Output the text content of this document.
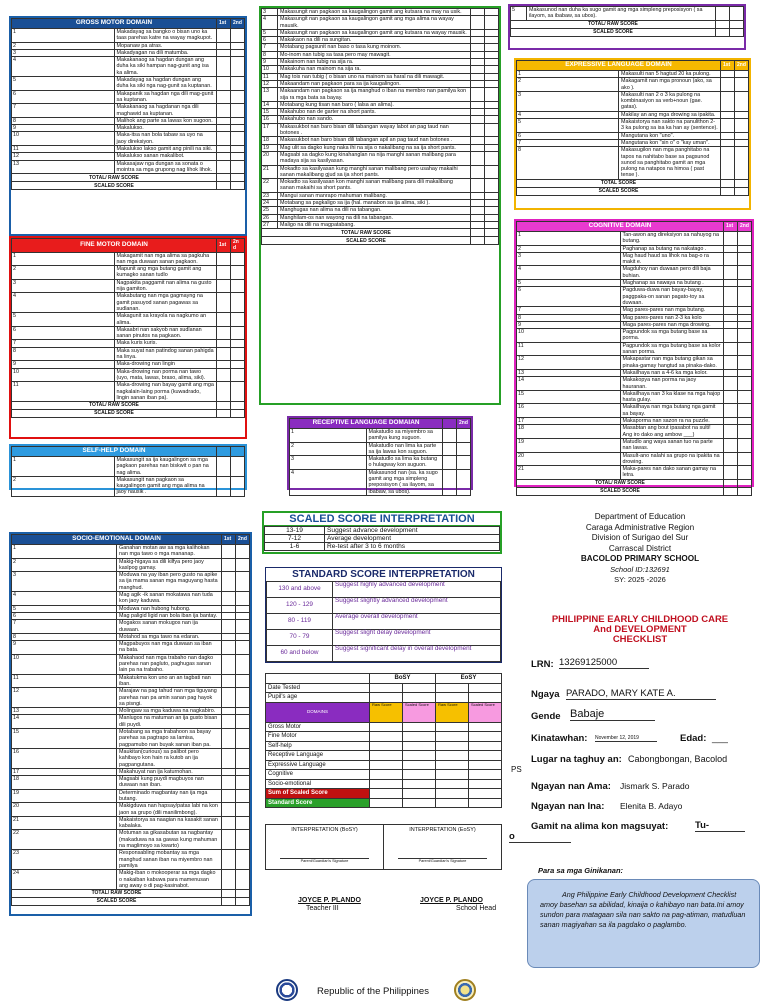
GROSS MOTOR DOMAIN		1st	2nd
1	Makadayag sa bangko o bisan uno ka taas parehas katre na wayay magkupot.		
2	Mopanaw pa atras.		
3	Makadyagan na dili matumba.		
4	Makakanaog sa hagdan dungan ang duha ka siki hampan nag-gunit ang isa ka alima.		
5	Makadayag sa hagdan dungan ang duha ka siki nga nag-gunit sa kuptanan.		
6	Makapanik sa hagdan nga dili mag-gunit sa kuptanan.		
7	Makakanaog sa hagdanan nga dili maghawid sa kuptanan.		
8	Malihok ang parte sa lawas kon sugoon.		
9	Makalukso.		
10	Maka-itsa nan bola tabaw sa uyo na jaoy direksiyon.		
11	Makalukso lakso gamit ang pinili na siki.		
12	Makalukso sanan makalibot.		
13	Makasajaw nga dungan sa sonata o mointra sa mga grupong nag lihok lihok.		
TOTAL/ RAW SCORE			
SCALED SCORE			
FINE MOTOR DOMAIN		1st	2n d
1	Makagamit nan mga alima sa pagkuha nan mga duwaan sanan pagkaon.		
2	Mapunit ang mga butang gamit ang kumagko sanan tudlo		
3	Nagpakita paggamit nan alima na gusto nija gamiton.		
4	Makabutang nan mga gagmayng na gamit pasuyod sanan pagawas sa sudlanan.		
5	Makagunit sa krayola na nagkumo an alima.		
6	Makaabri nan sakyob nan sudlanan sanan pinutos na pagkaon.		
7	Maka kuris kuris.		
8	Maka suyat nan patindog sanan pahigda na linya.		
9	Maka-drowing nan lingin		
10	Maka-drowing nan porma nan tawo (uyo, mata, lawas, braso, alima, siki).		
11	Maka-drowing nan bayay gamit ang mga nagkalain-laing porma (kuwadrado, lingin sanan iban pa).		
TOTAL/ RAW SCORE			
SCALED SCORE			
SELF-HELP DOMAIN			
1	Makasungit sa ija kaugalingon sa mga pagkaon parehas nan biskwit o pan na nag alima.		
2	Makasungit nan pagkaon sa kaugalingon gamit ang mga alima na jaoy nausik .		
3	Makasungit nan pagkaon sa kaugalingon gamit ang kutsara na may na usik.		
4	Makasungit nan pagkaon sa kaugalingon gamit ang mga alima na wayay mausik.		
5	Makasungit nan pagkaon sa kaugalingon gamit ang kutsara na wayay mausik.		
6	Makakaon na dili na sungitan.		
7	Motabang pagsunit nan baso o tasa kung moinom.		
8	Mo-inom nan tubig sa tasa pero may mawagit.		
9	Makainom nan tubig na sija ra.		
10	Makakuha nan mainom na sija ra.		
11	Mag tois nan tubig ( o bisan uno na mainom sa haral na dili mawagit.		
12	Makaandam nan pagkaon para sa ija kaugalingon.		
13	Makaandam nan pagkaon sa ija manghud o iban na membro nan pamilya kon sija ra mga bata sa bayay.		
14	Motabang kung tisan nan baro ( lalsa an alima).		
15	Makahubo nan de garter na short pants.		
16	Makahubo nan sando.		
17	Makasukbot nan baro bisan dili tabangan wayay labot an pag taud nan botones .		
18	Makasukbot nan baro bisan dili tabangan apil an pag taud nan botones .		
19	Mag ulit sa dagko kung naka ihi na sija o nakalibang na sa ija short pants.		
20	Magsabi sa dagko kung kinahanglan na nija manghi sanan malibang para madaya sija sa kasilyasan.		
21	Mokadto sa kasilyasan kung manghi sanan malibang pero usahay makaihi sanan makalibang gjud sa ija short pants.		
22	Mokadto sa kasilyasan kon manghi sanan malibang para dili makalibang sanan makaihi sa short pants.		
23	Mangui sanan manrapo mahuman malibang.		
24	Motabang sa pagkaligo sa ija (hal. manabon sa ija alima, siki ).		
25	Manghugas nan alima na dili na tabangan.		
26	Manghilam-os nan wayong na dili na tabangan.		
27	Maligo na dili na magpatabang.		
TOTAL/ RAW SCORE			
SCALED SCORE			
RECEPTIVE LANGUAGE DOMAIAN			2nd
1	Makatudlo sa miyembro sa pamilya kung suguon.		
2	Makatudlo nan lima ka parte sa ija lawas kon suguon.		
3	Makatudlo sa lima ka butang o hulagway kon suguon.		
4	Makasunod nan (sa. ka sugo gamit ang mga simpleng preposisyon ( sa ilayom, sa ibabaw, sa ubos).		
5	Makasunod nan duha ka sugo gamit ang mga simpleng preposisyon ( sa ilayom, sa ibabaw, sa ubos).		
TOTAL/ RAW SCORE			
SCALED SCORE			
EXPRESSIVE LANGUAGE DOMAIN		1st	2nd
1	Makasulti nan 5 hagtud 20 ka pulong.		
2	Makagamit nan mga pronoun (ako, sa ako ).		
3	Makasulti nan 2 o 3 ka pulong na kombinasiyon sa verb+noun (gae. gatas).		
4	Makilay an ang mga drowing sa ipakita.		
5	Makaistorya nan sakto na panulithon 2-3 ka pulong sa isa ka han ay (sentence).		
6	Mangutana kon "uno".		
7	Mangutana kon "sin o" o "kay uman".		
8	Makasugilon nan mga panghitabo na tapos na nahitabo base sa pagsunod sunod sa panghitabo gamit an mga pulong na natapos na himoa ( past tense ).		
TOTAL SCORE			
SCALED SCORE			
COGNITIVE DOMAIN		1st	2nd
1	Tan-awon ang direksiyon sa nahuyog na butang.		
2	Paghanap sa butang na nakatago .		
3	Mag haud haud sa lihok na bag-o ra makit e.		
4	Magduhoy nan duwaan pero dili baja buhian.		
5	Maghanap sa nawaya na butang .		
6	Pagduwa-duwa nan bayay-bayay, paggpaka-on sanan pagato-toy sa duwaan.		
7	Mag pares-pares nan mga butang.		
8	Mag pares-pares nan 2-3 ka kolo		
9	Maga pares-pares nan mga drowing.		
10	Pagpundok sa mga butang base sa porma.		
11	Pagpundok sa mga butang base sa kolor sanan porma.		
12	Makapastar nan mga butang gikan sa pinaka-gamay hangtud sa pinaka-dako.		
13	Makailhaya nan a 4-6 ka mga kolor.		
14	Makakopya nan porma na jaoy hauranan.		
15	Makailhaya nan 3 ka klase na mga hajop hasta gulay.		
16	Makailhaya nan mga butang nga gamit sa bayay.		
17	Makaporma nan sazon ra na puzzle.		
18	Masabtan ang bout ipasabot na sulti! Ang iro dako ang ambow ___)		
19	Matudlo ang waya sanan tuo na parte nan lawas.		
20	Masult-ano nalahi sa grupo na ipakita na drowing.		
21	Maka-pares nan dako sanan gamay na letra.		
TOTAL/ RAW SCORE			
SCALED SCORE			
SOCIO-EMOTIONAL DOMAIN		1st	2nd
1	Ganahan motan aw sa mga kalihokan nan mga tawo o mga mananap.		
2	Makig-higaya sa dili kilfya pero jaoy kaslpog gamay.		
3	Moduwa na yay iban pero gusto na apike sa ija mama sanan mga maguyang hasta manghud.		
4	Mag agik -ik sanan mokatawa nan tuda kon jaoy kaduwa.		
5	Moduwa nan hubong hubong.		
6	Mag paligid ligid nan bola iban ija bantay.		
7	Mogakos sanan mokugos nan ija duwaan.		
8	Motahod sa mga tawo na edaran.		
9	Magpabuyos nan mga duwaan sa iban na bata.		
10	Makahaod nan mga trabaho nan dagko parehas nan pagluto, paghugas sanan lain pa na trabaho.		
11	Makatukma kon uno an an tagbati nan iban.		
12	Marajaw na pag tahud nan mga tiguyang parehas nan pa amin sanan pag hayok sa pisngi.		
13	Molingaw sa mga kaduwa na nagkabiro.		
14	Manlugos na matuman an ija gusto bisan dili puydi.		
15	Motabang sa mga trabahoon sa bayay parehas sa pagtrapo sa lamisa, pagpamubo nan buyak sanan iban pa.		
16	Maukitan(curious) sa palibot pero kahibayo kon hain ra kutob an ija pagpangutana.		
17	Makahuyat nan ija katurnohan.		
18	Magsabi kung puydi magbuyos nan duwaan nan iban.		
19	Determinado magbantay nan ija mga butang.		
20	Makigduwa nan hapsay/patas labi na kon jaon sa grupo (dili manilimbong).		
21	Makaistorya sa naagian na kasakit sanan kabalaka.		
22	Motuman sa gikasabutan sa nagbantay (makaduwa na sa gawas kung mahuman na maglimoyo sa kwarto)		
23	Responsabling mobantay sa mga manghud sanan iban na miyembro nan pamilya		
24	Makig-iban o mokooperar sa mga dagko o nakaiban kabuwa para mamenusan ang away o di pag-kasinabot.		
TOTAL/ RAW SCORE			
SCALED SCORE			
SCALED SCORE INTERPRETATION
13-19	Suggest advance development
7-12	Average development
1-6	Re-test after 3 to 6 months
STANDARD SCORE INTERPRETATION
130 and above	Suggest highly advanced development
120 - 129	Suggest slightly advanced development
80 - 119	Average overall development
70 - 79	Suggest slight delay development
60 and below	Suggest significant delay in overall development
	BoSY		EoSY	
Date Tested				
Pupil's age				
DOMAINS	Raw Score	Scaled Score	Raw Score	Scaled Score
Gross Motor				
Fine Motor				
Self-help				
Receptive Language				
Expressive Language				
Cognitive				
Socio-emotional				
Sum of Scaled Score				
Standard Score				
INTERPRETATION (BoSY)
Parent/Guardian's Signature
INTERPRETATION (EoSY)
Parent/Guardian's Signature
JOYCE P. PLANDO
Teacher III
JOYCE P. PLANDO
School Head
Department of Education
Caraga Administrative Region
Division of Surigao del Sur
Carrascal District
BACOLOD PRIMARY SCHOOL
School ID:132691
SY: 2025 -2026
PHILIPPINE EARLY CHILDHOOD CARE
And DEVELOPMENT
CHECKLIST
LRN: 13269125000
Ngaya PARADO, MARY KATE A.
Gende Babaje
Kinatawhan: November 12, 2019	Edad: ___
Lugar na taghuy an: Cabongbongan, Bacolod
PS
Ngayan nan Ama: Jismark S. Parado
Ngayan nan Ina: Elenita B. Adayo
Gamit na alima kon magsuyat:	Tu-
o
Para sa mga Ginikanan:
Ang Philippine Early Childhood Development Checklist amoy basehan sa abilidad, kinaija o kahibayo nan bata.Ini amoy sundon para matagaan sila nan sakto na pag-atiman, matudluan sanan magiyahan sa ila pagdako o paglambo.
Republic of the Philippines
